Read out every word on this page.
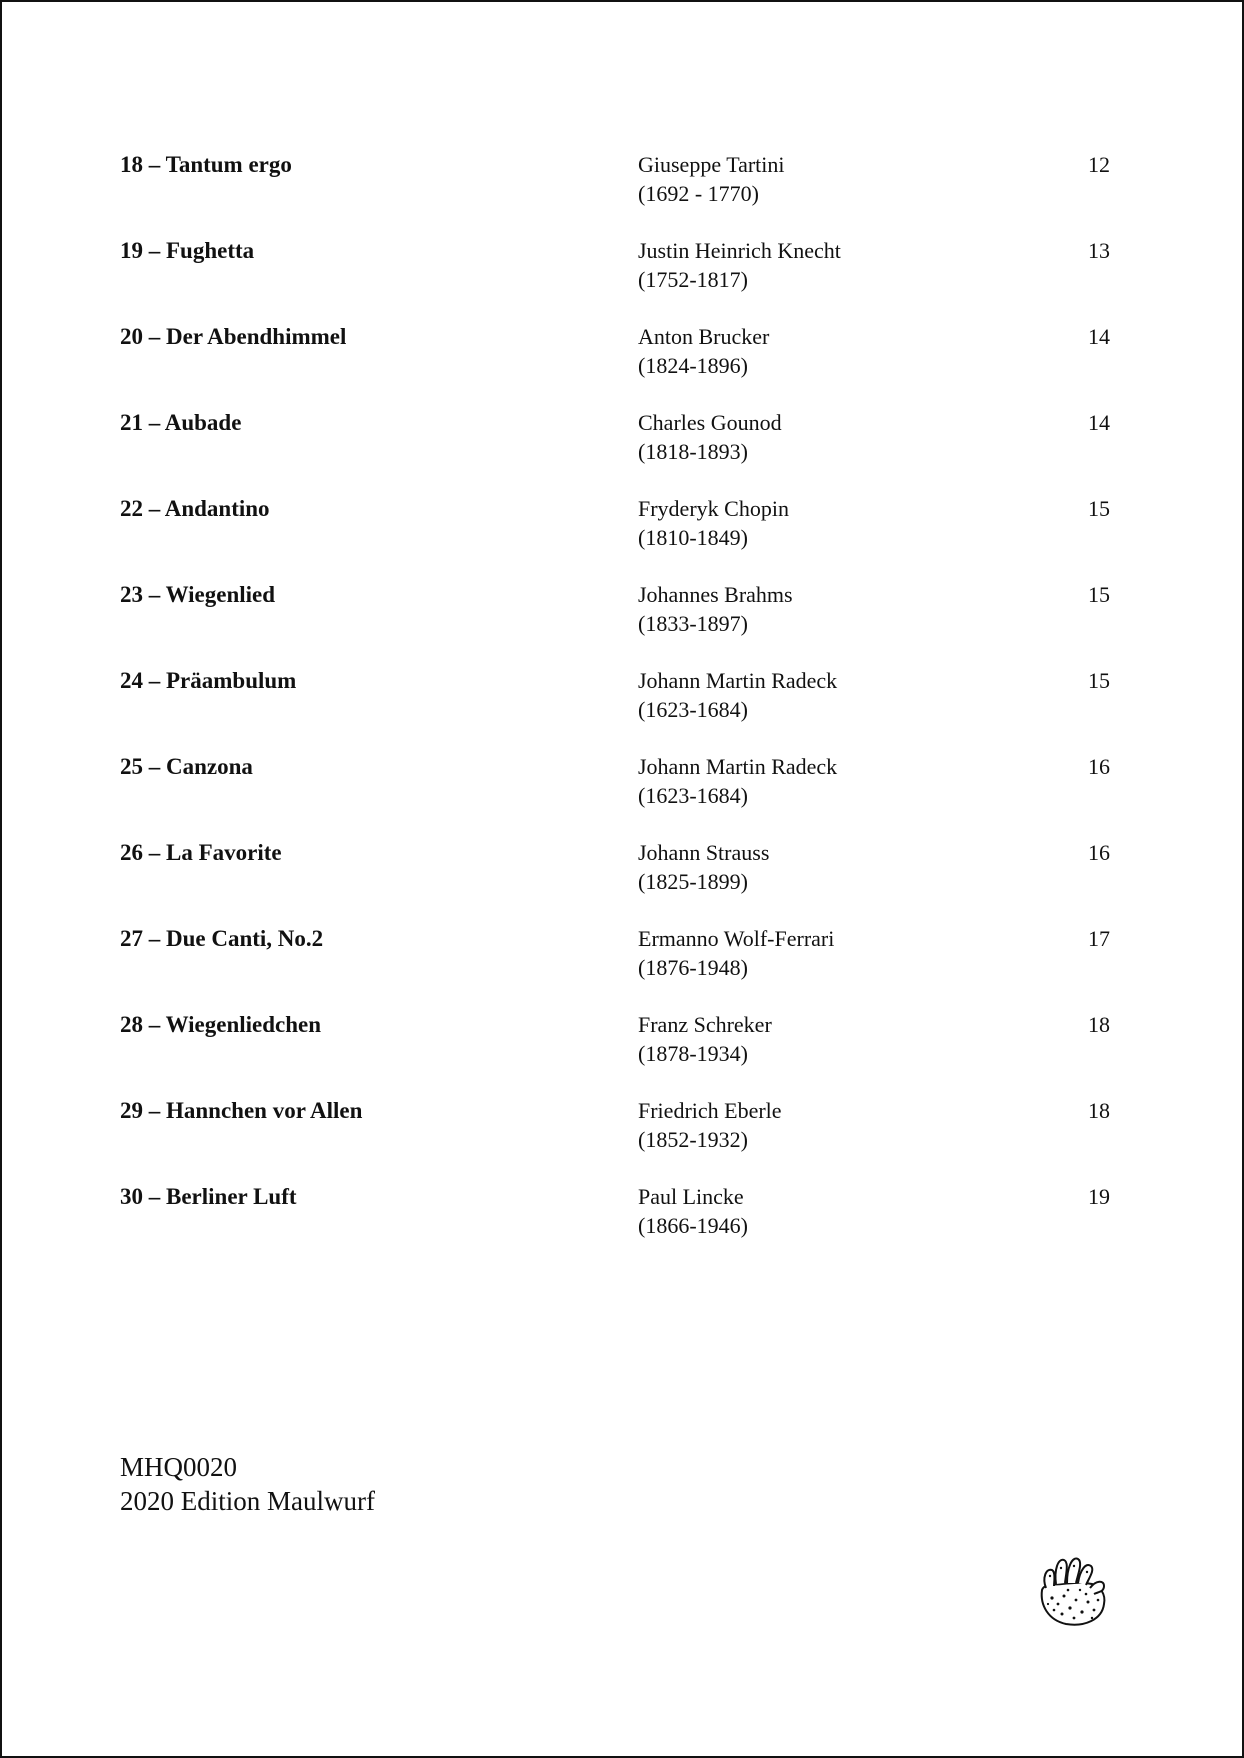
18 – Tantum ergo	Giuseppe Tartini
(1692 - 1770)
12
19 – Fughetta	Justin Heinrich Knecht
(1752-1817)
13
20 – Der Abendhimmel	Anton Brucker
(1824-1896)
14
21 – Aubade	Charles Gounod
(1818-1893)
14
22 – Andantino	Fryderyk Chopin
(1810-1849)
15
23 – Wiegenlied	Johannes Brahms
(1833-1897)
15
24 – Präambulum	Johann Martin Radeck
(1623-1684)
15
25 – Canzona	Johann Martin Radeck
(1623-1684)
16
26 – La Favorite	Johann Strauss
(1825-1899)
16
27 – Due Canti, No.2	Ermanno Wolf-Ferrari
(1876-1948)
17
28 – Wiegenliedchen	Franz Schreker
(1878-1934)
18
29 – Hannchen vor Allen	Friedrich Eberle
(1852-1932)
18
30 – Berliner Luft	Paul Lincke
(1866-1946)
19
MHQ0020
2020 Edition Maulwurf
